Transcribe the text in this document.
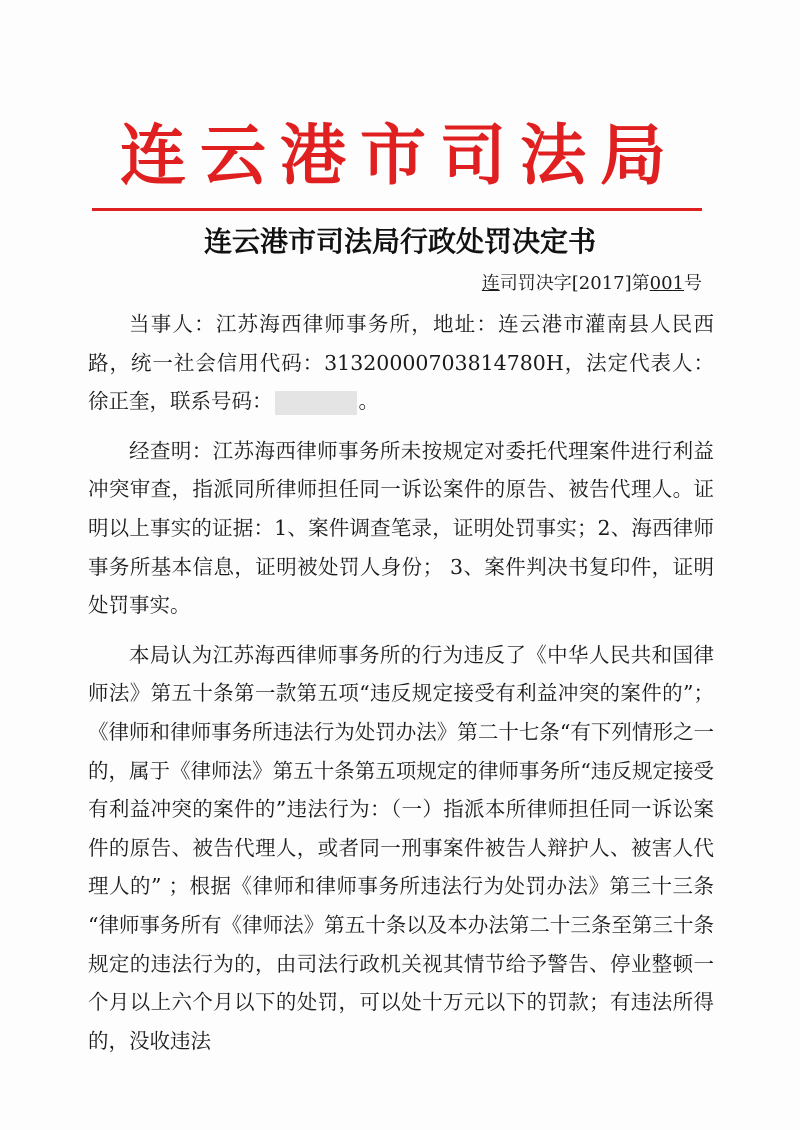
连云港市司法局
连云港市司法局行政处罚决定书
连司罚决字[2017]第001号

当事人：江苏海西律师事务所，地址：连云港市灌南县人民西路，统一社会信用代码：31320000703814780H，法定代表人：徐正奎，联系号码：	。

经查明：江苏海西律师事务所未按规定对委托代理案件进行利益冲突审查，指派同所律师担任同一诉讼案件的原告、被告代理人。证明以上事实的证据：1、案件调查笔录，证明处罚事实；2、海西律师事务所基本信息，证明被处罚人身份； 3、案件判决书复印件，证明处罚事实。

本局认为江苏海西律师事务所的行为违反了《中华人民共和国律师法》第五十条第一款第五项“违反规定接受有利益冲突的案件的”；《律师和律师事务所违法行为处罚办法》第二十七条“有下列情形之一的，属于《律师法》第五十条第五项规定的律师事务所“违反规定接受有利益冲突的案件的”违法行为：（一）指派本所律师担任同一诉讼案件的原告、被告代理人，或者同一刑事案件被告人辩护人、被害人代理人的” ；根据《律师和律师事务所违法行为处罚办法》第三十三条 “律师事务所有《律师法》第五十条以及本办法第二十三条至第三十条规定的违法行为的，由司法行政机关视其情节给予警告、停业整顿一个月以上六个月以下的处罚，可以处十万元以下的罚款；有违法所得的，没收违法
